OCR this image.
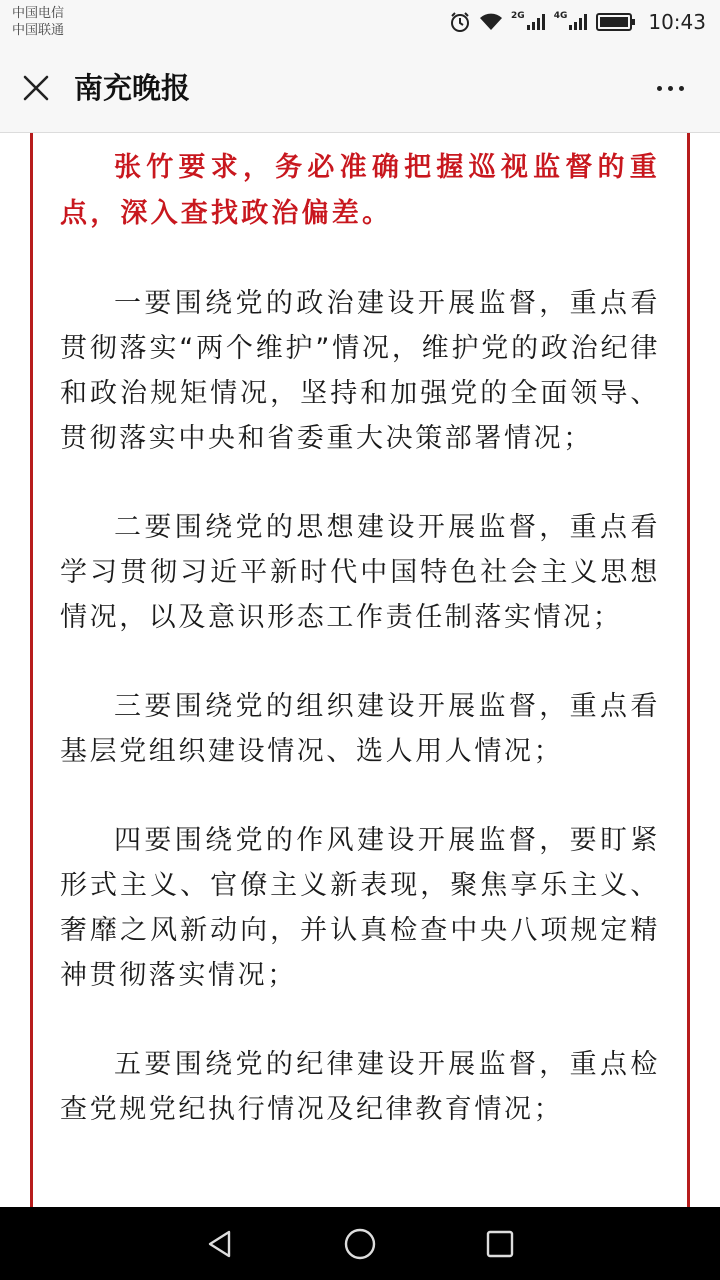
中国电信
中国联通
2G	4G	10:43
南充晚报

张竹要求，务必准确把握巡视监督的重点，深入查找政治偏差。

一要围绕党的政治建设开展监督，重点看贯彻落实“两个维护”情况，维护党的政治纪律和政治规矩情况，坚持和加强党的全面领导、贯彻落实中央和省委重大决策部署情况；

二要围绕党的思想建设开展监督，重点看学习贯彻习近平新时代中国特色社会主义思想情况，以及意识形态工作责任制落实情况；

三要围绕党的组织建设开展监督，重点看基层党组织建设情况、选人用人情况；

四要围绕党的作风建设开展监督，要盯紧形式主义、官僚主义新表现，聚焦享乐主义、奢靡之风新动向，并认真检查中央八项规定精神贯彻落实情况；

五要围绕党的纪律建设开展监督，重点检查党规党纪执行情况及纪律教育情况；
